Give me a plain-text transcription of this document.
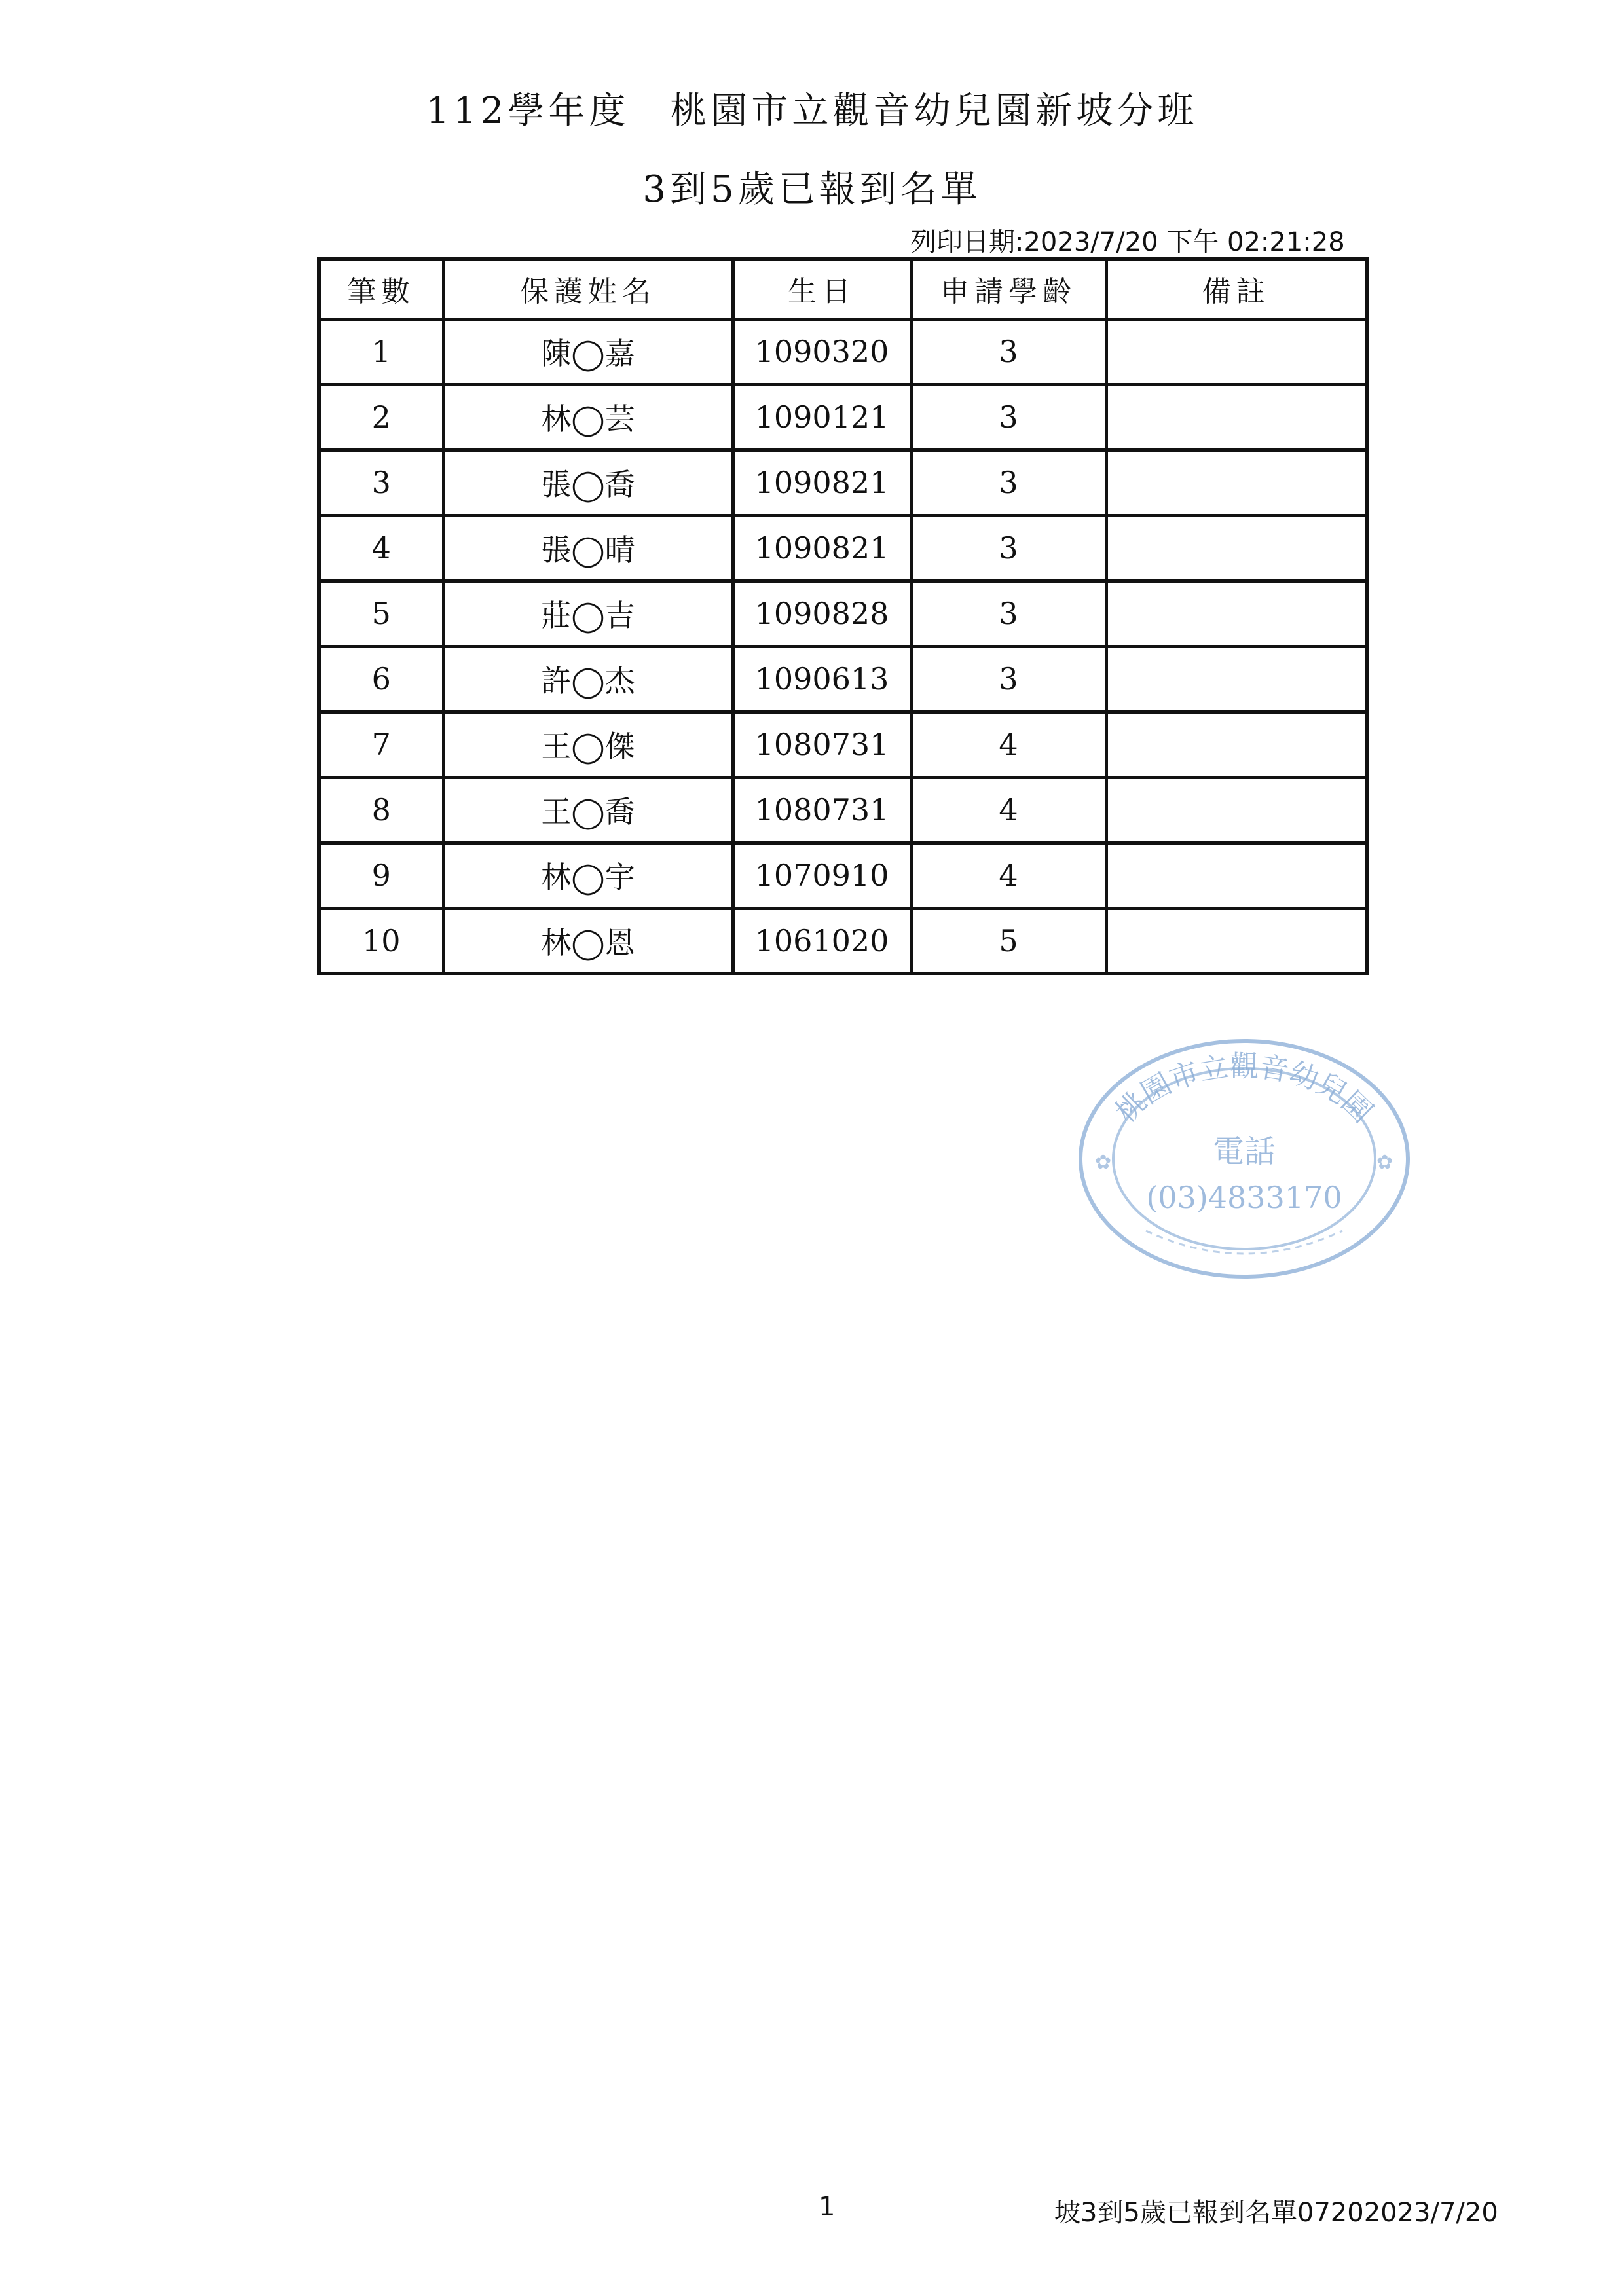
112學年度　桃園市立觀音幼兒園新坡分班
3到5歲已報到名單
列印日期:2023/7/20 下午 02:21:28
筆數	保護姓名	生日	申請學齡	備註
1	陳◯嘉	1090320	3	
2	林◯芸	1090121	3	
3	張◯喬	1090821	3	
4	張◯晴	1090821	3	
5	莊◯吉	1090828	3	
6	許◯杰	1090613	3	
7	王◯傑	1080731	4	
8	王◯喬	1080731	4	
9	林◯宇	1070910	4	
10	林◯恩	1061020	5	
桃園市立觀音幼兒園
電話
(03)4833170
✿	✿
1	坡3到5歲已報到名單07202023/7/20
